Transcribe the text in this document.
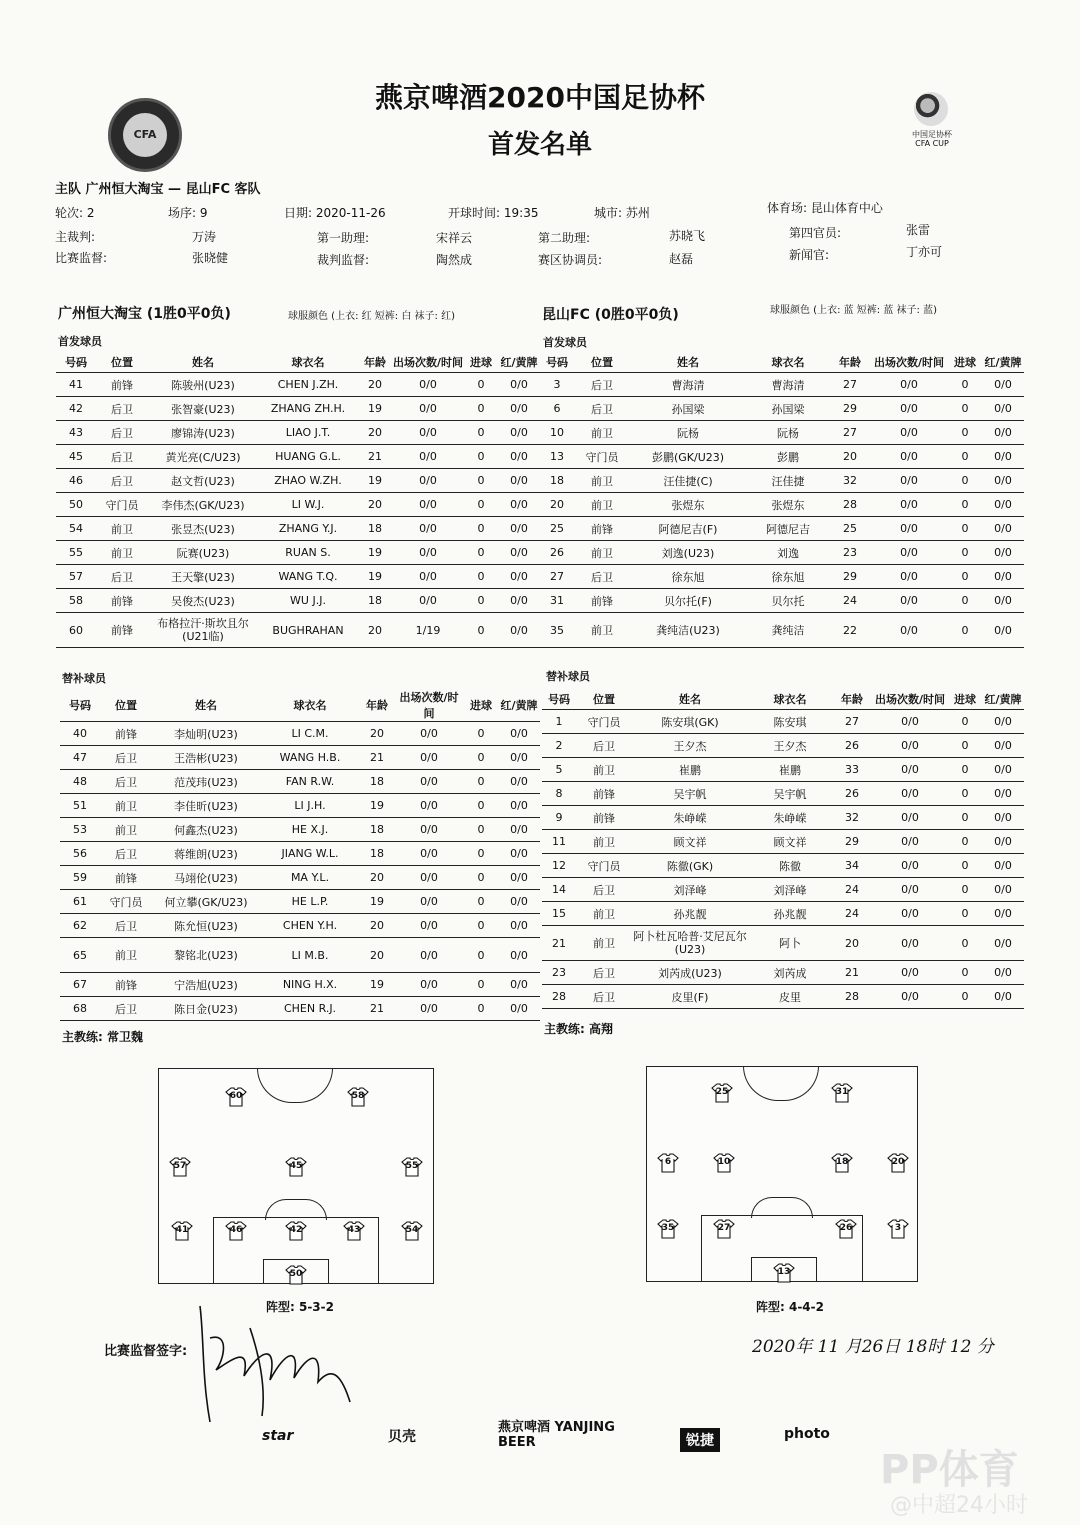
CFA	中国足协杯 CFA CUP
燕京啤酒2020中国足协杯
首发名单
主队 广州恒大淘宝 — 昆山FC 客队
轮次: 2	场序: 9	日期: 2020-11-26	开球时间: 19:35	城市: 苏州	体育场: 昆山体育中心
主裁判:	万涛	第一助理:	宋祥云	第二助理:	苏晓飞	第四官员:	张雷
比赛监督:	张晓健	裁判监督:	陶然成	赛区协调员:	赵磊	新闻官:	丁亦可
广州恒大淘宝 (1胜0平0负)	球服颜色 (上衣: 红 短裤: 白 袜子: 红)
首发球员
昆山FC (0胜0平0负)	球服颜色 (上衣: 蓝 短裤: 蓝 袜子: 蓝)
首发球员
号码	位置	姓名	球衣名	年龄	出场次数/时间	进球	红/黄牌
41	前锋	陈骏州(U23)	CHEN J.ZH.	20	0/0	0	0/0
42	后卫	张智豪(U23)	ZHANG ZH.H.	19	0/0	0	0/0
43	后卫	廖锦涛(U23)	LIAO J.T.	20	0/0	0	0/0
45	后卫	黄光亮(C/U23)	HUANG G.L.	21	0/0	0	0/0
46	后卫	赵文哲(U23)	ZHAO W.ZH.	19	0/0	0	0/0
50	守门员	李伟杰(GK/U23)	LI W.J.	20	0/0	0	0/0
54	前卫	张昱杰(U23)	ZHANG Y.J.	18	0/0	0	0/0
55	前卫	阮赛(U23)	RUAN S.	19	0/0	0	0/0
57	后卫	王天擎(U23)	WANG T.Q.	19	0/0	0	0/0
58	前锋	吴俊杰(U23)	WU J.J.	18	0/0	0	0/0
60	前锋	布格拉汗·斯坎且尔(U21临)	BUGHRAHAN	20	1/19	0	0/0
号码	位置	姓名	球衣名	年龄	出场次数/时间	进球	红/黄牌
3	后卫	曹海清	曹海清	27	0/0	0	0/0
6	后卫	孙国梁	孙国梁	29	0/0	0	0/0
10	前卫	阮杨	阮杨	27	0/0	0	0/0
13	守门员	彭鹏(GK/U23)	彭鹏	20	0/0	0	0/0
18	前卫	汪佳捷(C)	汪佳捷	32	0/0	0	0/0
20	前卫	张煜东	张煜东	28	0/0	0	0/0
25	前锋	阿德尼吉(F)	阿德尼吉	25	0/0	0	0/0
26	前卫	刘逸(U23)	刘逸	23	0/0	0	0/0
27	后卫	徐东旭	徐东旭	29	0/0	0	0/0
31	前锋	贝尔托(F)	贝尔托	24	0/0	0	0/0
35	前卫	龚纯洁(U23)	龚纯洁	22	0/0	0	0/0
替补球员	替补球员
号码	位置	姓名	球衣名	年龄	出场次数/时间	进球	红/黄牌
40	前锋	李灿明(U23)	LI C.M.	20	0/0	0	0/0
47	后卫	王浩彬(U23)	WANG H.B.	21	0/0	0	0/0
48	后卫	范茂玮(U23)	FAN R.W.	18	0/0	0	0/0
51	前卫	李佳昕(U23)	LI J.H.	19	0/0	0	0/0
53	前卫	何鑫杰(U23)	HE X.J.	18	0/0	0	0/0
56	后卫	蒋维朗(U23)	JIANG W.L.	18	0/0	0	0/0
59	前锋	马翊伦(U23)	MA Y.L.	20	0/0	0	0/0
61	守门员	何立攀(GK/U23)	HE L.P.	19	0/0	0	0/0
62	后卫	陈允恒(U23)	CHEN Y.H.	20	0/0	0	0/0
65	前卫	黎铭北(U23)	LI M.B.	20	0/0	0	0/0
67	前锋	宁浩旭(U23)	NING H.X.	19	0/0	0	0/0
68	后卫	陈日金(U23)	CHEN R.J.	21	0/0	0	0/0
号码	位置	姓名	球衣名	年龄	出场次数/时间	进球	红/黄牌
1	守门员	陈安琪(GK)	陈安琪	27	0/0	0	0/0
2	后卫	王夕杰	王夕杰	26	0/0	0	0/0
5	前卫	崔鹏	崔鹏	33	0/0	0	0/0
8	前锋	吴宇帆	吴宇帆	26	0/0	0	0/0
9	前锋	朱峥嵘	朱峥嵘	32	0/0	0	0/0
11	前卫	顾文祥	顾文祥	29	0/0	0	0/0
12	守门员	陈徹(GK)	陈徹	34	0/0	0	0/0
14	后卫	刘泽峰	刘泽峰	24	0/0	0	0/0
15	前卫	孙兆靓	孙兆靓	24	0/0	0	0/0
21	前卫	阿卜杜瓦哈普·艾尼瓦尔(U23)	阿卜	20	0/0	0	0/0
23	后卫	刘芮成(U23)	刘芮成	21	0/0	0	0/0
28	后卫	皮里(F)	皮里	28	0/0	0	0/0
主教练: 常卫魏
主教练: 高翔
60	58
57	45	55
41	46	42	43	54
50
阵型: 5-3-2
25	31
6	10	18	20
35	27	26	3
13
阵型: 4-4-2
比赛监督签字:	2020年 11 月26日 18时 12 分
star	贝壳
燕京啤酒 YANJING BEER	锐捷	photo
PP体育
@中超24小时
